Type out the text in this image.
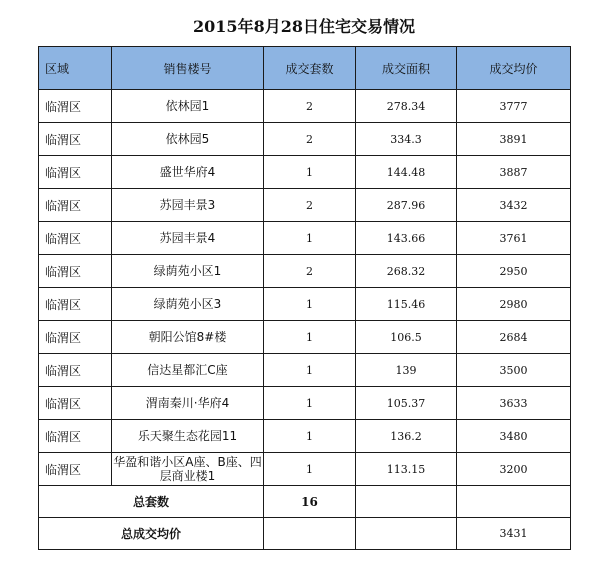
2015年8月28日住宅交易情况
区域	销售楼号	成交套数	成交面积	成交均价
临渭区	依林园1	2	278.34	3777
临渭区	依林园5	2	334.3	3891
临渭区	盛世华府4	1	144.48	3887
临渭区	苏园丰景3	2	287.96	3432
临渭区	苏园丰景4	1	143.66	3761
临渭区	绿荫苑小区1	2	268.32	2950
临渭区	绿荫苑小区3	1	115.46	2980
临渭区	朝阳公馆8#楼	1	106.5	2684
临渭区	信达星都汇C座	1	139	3500
临渭区	渭南秦川·华府4	1	105.37	3633
临渭区	乐天聚生态花园11	1	136.2	3480
临渭区	华盈和谐小区A座、B座、四层商业楼1	1	113.15	3200
总套数		16		
总成交均价				3431
